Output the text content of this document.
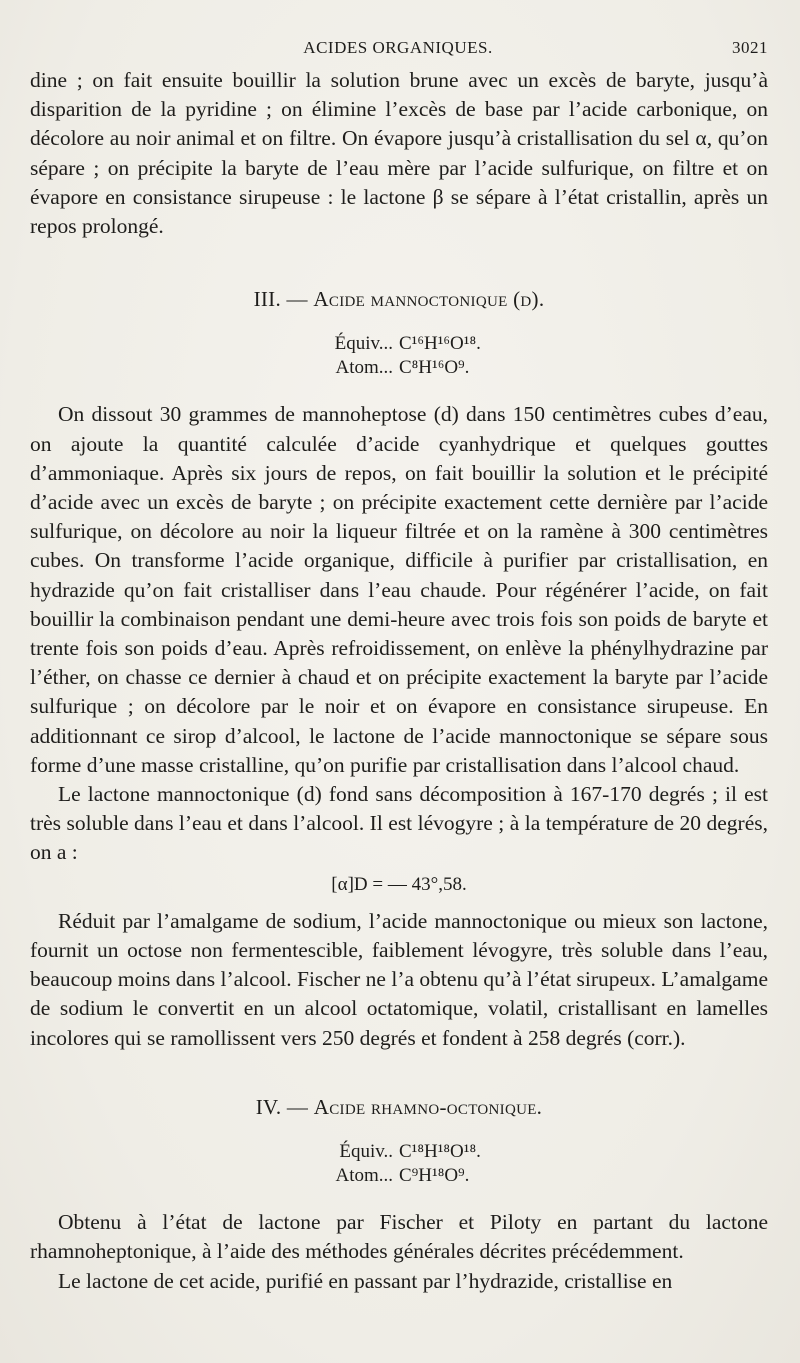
ACIDES ORGANIQUES.	3021

dine ; on fait ensuite bouillir la solution brune avec un excès de baryte, jusqu’à disparition de la pyridine ; on élimine l’excès de base par l’acide carbonique, on décolore au noir animal et on filtre. On évapore jusqu’à cristallisation du sel α, qu’on sépare ; on précipite la baryte de l’eau mère par l’acide sulfurique, on filtre et on évapore en consistance sirupeuse : le lactone β se sépare à l’état cristallin, après un repos prolongé.

III. — Acide mannoctonique (d).
Équiv... C¹⁶H¹⁶O¹⁸.
Atom... C⁸H¹⁶O⁹.

On dissout 30 grammes de mannoheptose (d) dans 150 centimètres cubes d’eau, on ajoute la quantité calculée d’acide cyanhydrique et quelques gouttes d’ammoniaque. Après six jours de repos, on fait bouillir la solution et le précipité d’acide avec un excès de baryte ; on précipite exactement cette dernière par l’acide sulfurique, on décolore au noir la liqueur filtrée et on la ramène à 300 centimètres cubes. On transforme l’acide organique, difficile à purifier par cristallisation, en hydrazide qu’on fait cristalliser dans l’eau chaude. Pour régénérer l’acide, on fait bouillir la combinaison pendant une demi-heure avec trois fois son poids de baryte et trente fois son poids d’eau. Après refroidissement, on enlève la phénylhydrazine par l’éther, on chasse ce dernier à chaud et on précipite exactement la baryte par l’acide sulfurique ; on décolore par le noir et on évapore en consistance sirupeuse. En additionnant ce sirop d’alcool, le lactone de l’acide mannoctonique se sépare sous forme d’une masse cristalline, qu’on purifie par cristallisation dans l’alcool chaud.

Le lactone mannoctonique (d) fond sans décomposition à 167-170 degrés ; il est très soluble dans l’eau et dans l’alcool. Il est lévogyre ; à la température de 20 degrés, on a :

[α]D = — 43°,58.

Réduit par l’amalgame de sodium, l’acide mannoctonique ou mieux son lactone, fournit un octose non fermentescible, faiblement lévogyre, très soluble dans l’eau, beaucoup moins dans l’alcool. Fischer ne l’a obtenu qu’à l’état sirupeux. L’amalgame de sodium le convertit en un alcool octatomique, volatil, cristallisant en lamelles incolores qui se ramollissent vers 250 degrés et fondent à 258 degrés (corr.).

IV. — Acide rhamno-octonique.
Équiv.. C¹⁸H¹⁸O¹⁸.
Atom... C⁹H¹⁸O⁹.

Obtenu à l’état de lactone par Fischer et Piloty en partant du lactone rhamnoheptonique, à l’aide des méthodes générales décrites précédemment.

Le lactone de cet acide, purifié en passant par l’hydrazide, cristallise en
